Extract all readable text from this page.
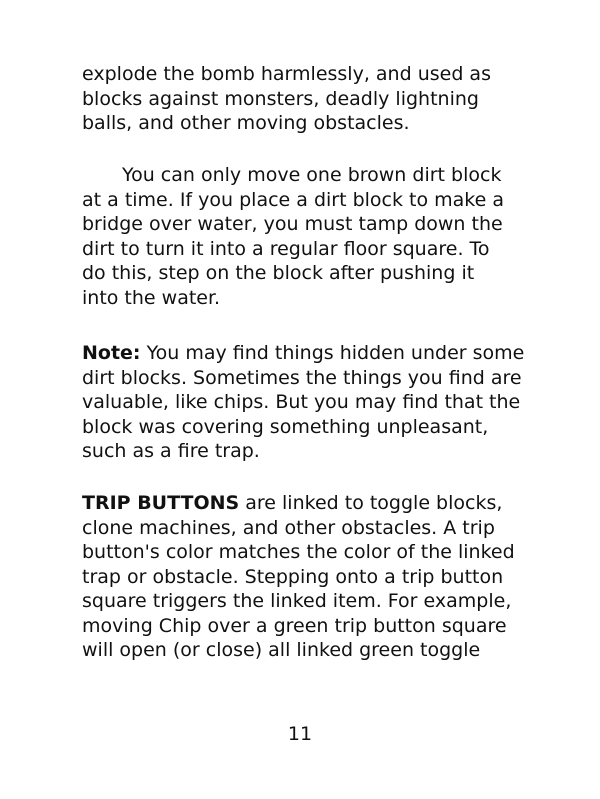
explode the bomb harmlessly, and used as
blocks against monsters, deadly lightning
balls, and other moving obstacles.

You can only move one brown dirt block
at a time. If you place a dirt block to make a
bridge over water, you must tamp down the
dirt to turn it into a regular floor square. To
do this, step on the block after pushing it
into the water.

Note: You may find things hidden under some
dirt blocks. Sometimes the things you find are
valuable, like chips. But you may find that the
block was covering something unpleasant,
such as a fire trap.

TRIP BUTTONS are linked to toggle blocks,
clone machines, and other obstacles. A trip
button's color matches the color of the linked
trap or obstacle. Stepping onto a trip button
square triggers the linked item. For example,
moving Chip over a green trip button square
will open (or close) all linked green toggle

11
